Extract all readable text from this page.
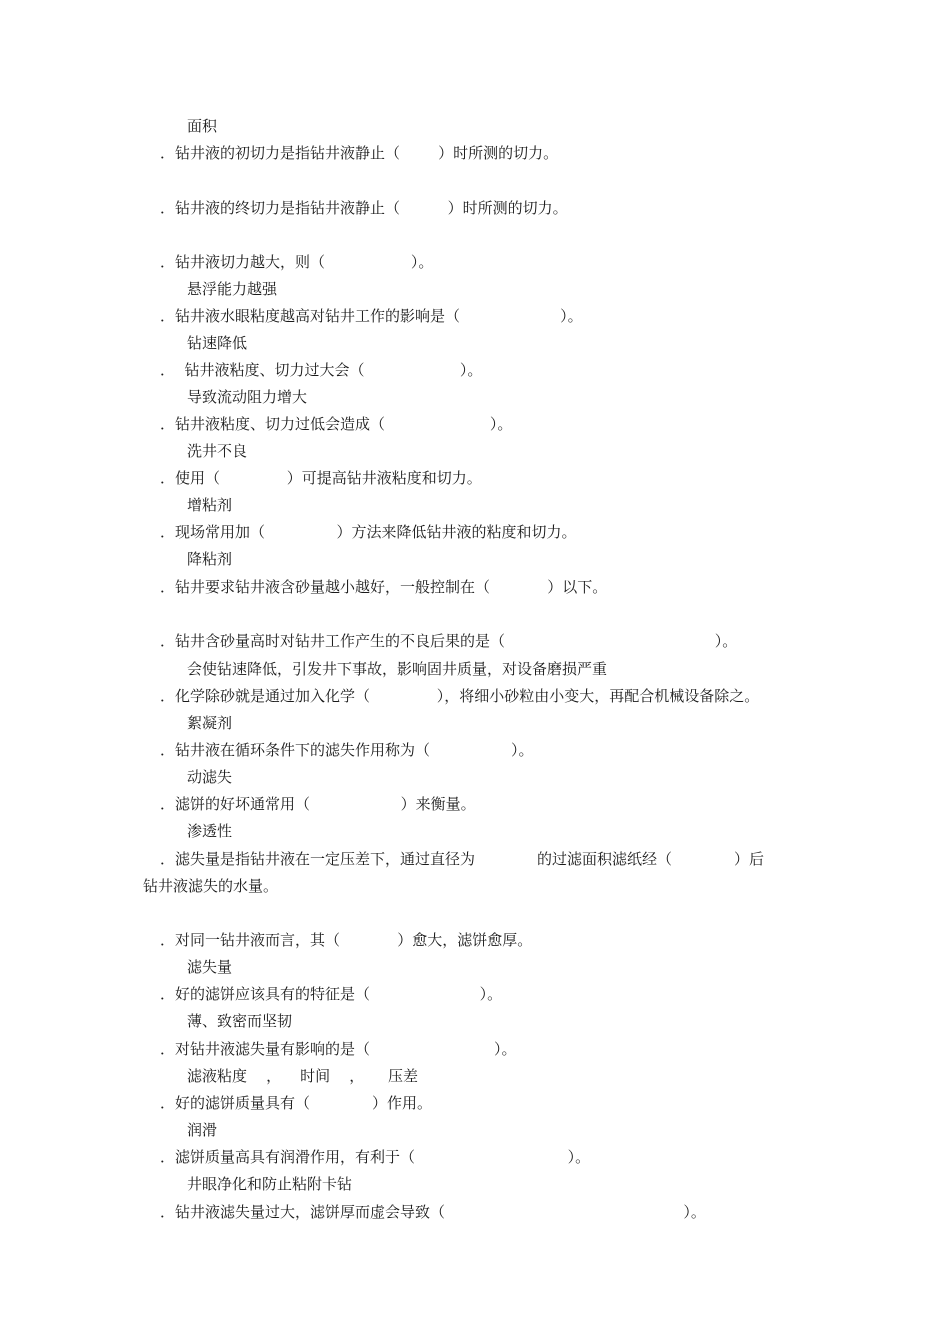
面积
．钻井液的初切力是指钻井液静止（        ）时所测的切力。
．钻井液的终切力是指钻井液静止（          ）时所测的切力。
．钻井液切力越大，则（                  ）。
悬浮能力越强
．钻井液水眼粘度越高对钻井工作的影响是（                     ）。
钻速降低
．  钻井液粘度、切力过大会（                    ）。
导致流动阻力增大
．钻井液粘度、切力过低会造成（                      ）。
洗井不良
．使用（              ）可提高钻井液粘度和切力。
增粘剂
．现场常用加（               ）方法来降低钻井液的粘度和切力。
降粘剂
．钻井要求钻井液含砂量越小越好，一般控制在（            ）以下。
．钻井含砂量高时对钻井工作产生的不良后果的是（                                            ）。
会使钻速降低，引发井下事故，影响固井质量，对设备磨损严重
．化学除砂就是通过加入化学（              ），将细小砂粒由小变大，再配合机械设备除之。
絮凝剂
．钻井液在循环条件下的滤失作用称为（                 ）。
动滤失
．滤饼的好坏通常用（                   ）来衡量。
渗透性
．滤失量是指钻井液在一定压差下，通过直径为             的过滤面积滤纸经（             ）后
钻井液滤失的水量。
．对同一钻井液而言，其（            ）愈大，滤饼愈厚。
滤失量
．好的滤饼应该具有的特征是（                       ）。
薄、致密而坚韧
．对钻井液滤失量有影响的是（                          ）。
滤液粘度    ，    时间    ，     压差
．好的滤饼质量具有（             ）作用。
润滑
．滤饼质量高具有润滑作用，有利于（                                ）。
井眼净化和防止粘附卡钻
．钻井液滤失量过大，滤饼厚而虚会导致（                                                  ）。
